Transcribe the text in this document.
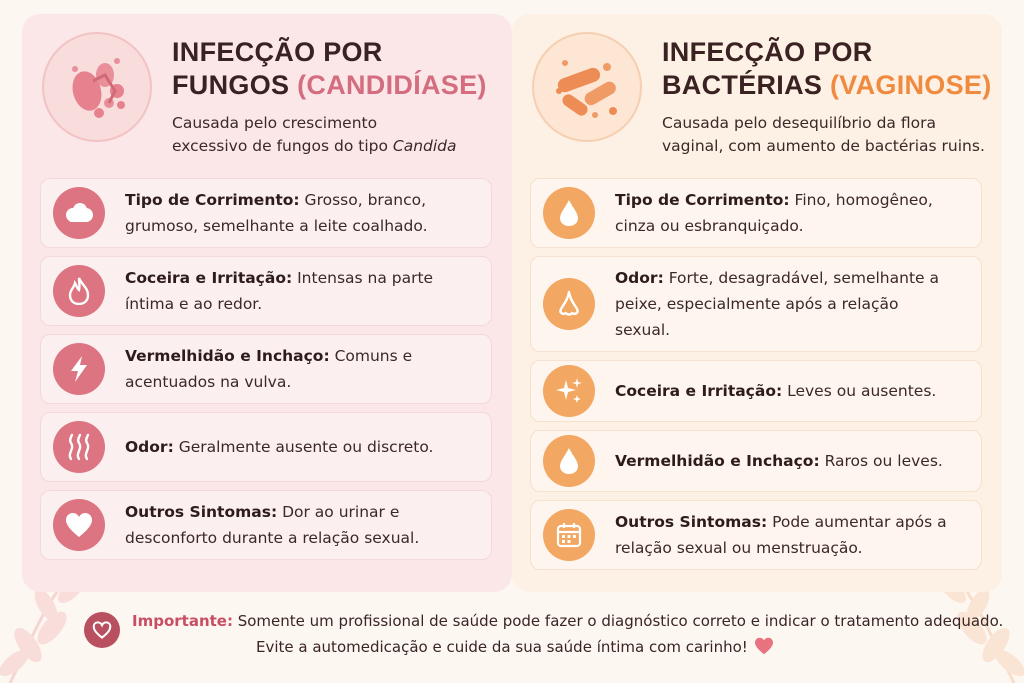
INFECÇÃO POR
FUNGOS (CANDIDÍASE)
Causada pelo crescimento
excessivo de fungos do tipo Candida
Tipo de Corrimento: Grosso, branco, grumoso, semelhante a leite coalhado.
Coceira e Irritação: Intensas na parte íntima e ao redor.
Vermelhidão e Inchaço: Comuns e acentuados na vulva.
Odor: Geralmente ausente ou discreto.
Outros Sintomas: Dor ao urinar e desconforto durante a relação sexual.
INFECÇÃO POR
BACTÉRIAS (VAGINOSE)
Causada pelo desequilíbrio da flora
vaginal, com aumento de bactérias ruins.
Tipo de Corrimento: Fino, homogêneo, cinza ou esbranquiçado.
Odor: Forte, desagradável, semelhante a peixe, especialmente após a relação sexual.
Coceira e Irritação: Leves ou ausentes.
Vermelhidão e Inchaço: Raros ou leves.
Outros Sintomas: Pode aumentar após a relação sexual ou menstruação.
Importante: Somente um profissional de saúde pode fazer o diagnóstico correto e indicar o tratamento adequado.
Evite a automedicação e cuide da sua saúde íntima com carinho!
